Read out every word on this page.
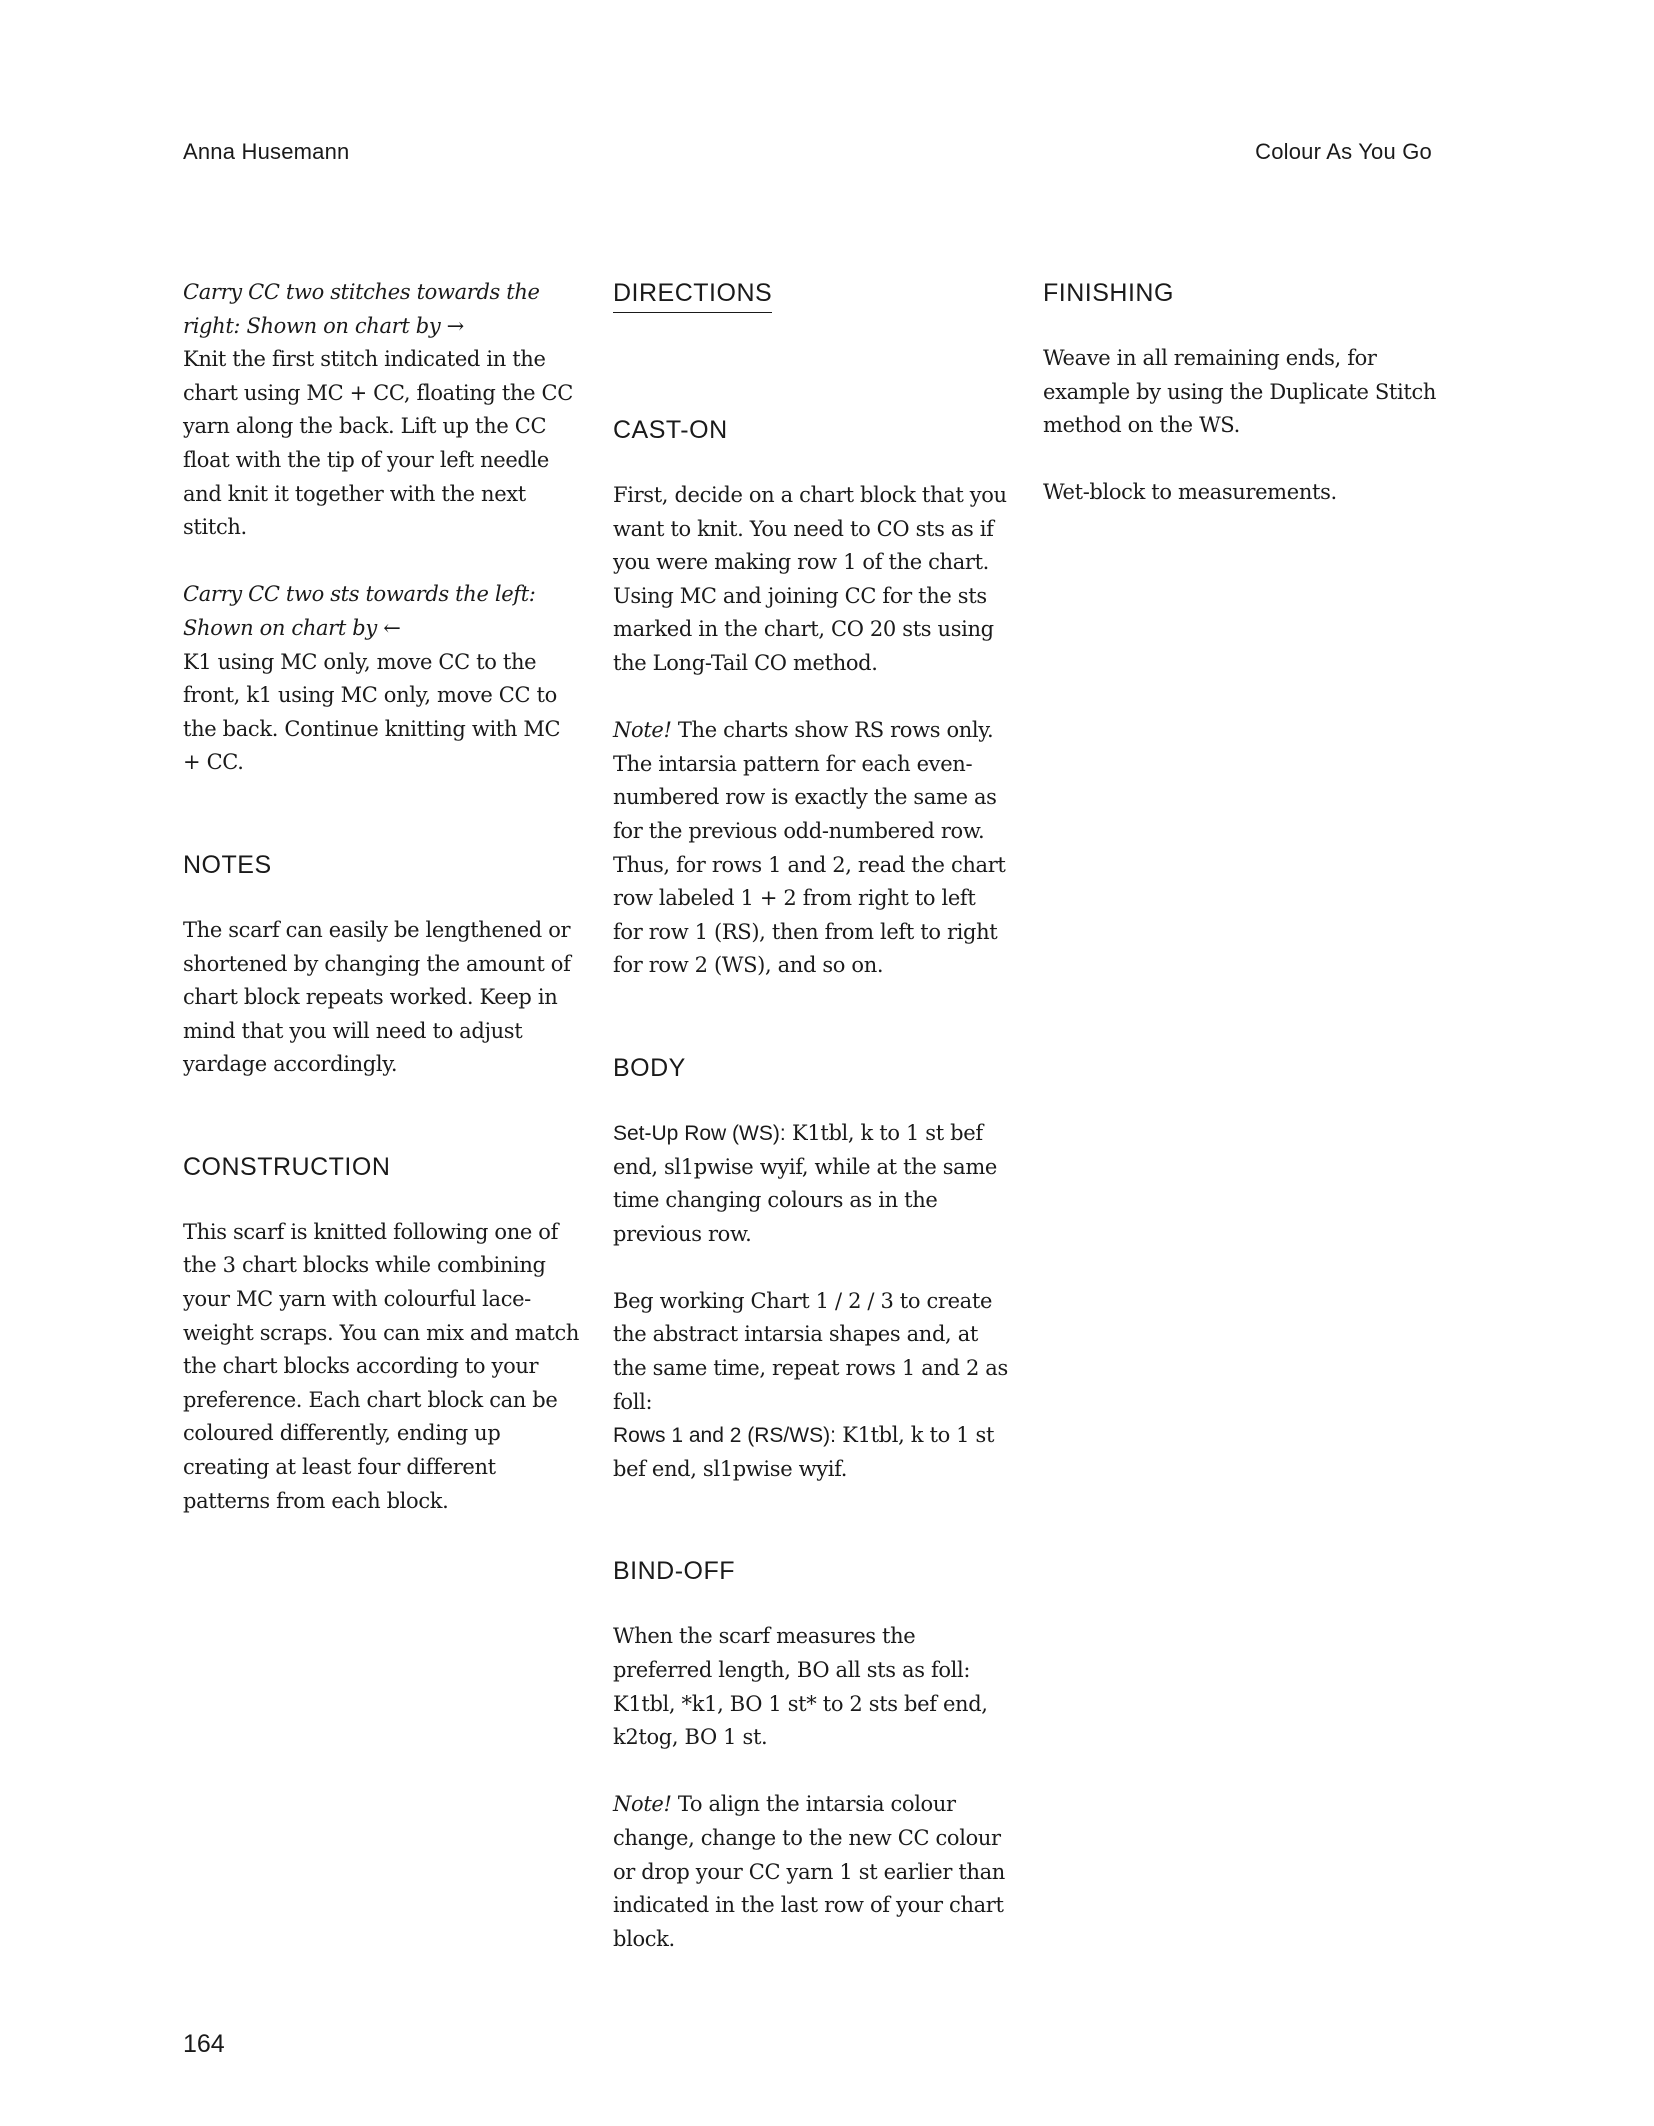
Anna Husemann	Colour As You Go

Carry CC two stitches towards the right: Shown on chart by →
Knit the first stitch indicated in the chart using MC + CC, floating the CC yarn along the back. Lift up the CC float with the tip of your left needle and knit it together with the next stitch.

Carry CC two sts towards the left: Shown on chart by ←
K1 using MC only, move CC to the front, k1 using MC only, move CC to the back. Continue knitting with MC + CC.

NOTES

The scarf can easily be lengthened or shortened by changing the amount of chart block repeats worked. Keep in mind that you will need to adjust yardage accordingly.

CONSTRUCTION

This scarf is knitted following one of the 3 chart blocks while combining your MC yarn with colourful lace-weight scraps. You can mix and match the chart blocks according to your preference. Each chart block can be coloured differently, ending up creating at least four different patterns from each block.

DIRECTIONS
CAST-ON

First, decide on a chart block that you want to knit. You need to CO sts as if you were making row 1 of the chart. Using MC and joining CC for the sts marked in the chart, CO 20 sts using the Long-Tail CO method.

Note! The charts show RS rows only. The intarsia pattern for each even-numbered row is exactly the same as for the previous odd-numbered row. Thus, for rows 1 and 2, read the chart row labeled 1 + 2 from right to left for row 1 (RS), then from left to right for row 2 (WS), and so on.

BODY

Set-Up Row (WS): K1tbl, k to 1 st bef end, sl1pwise wyif, while at the same time changing colours as in the previous row.

Beg working Chart 1 / 2 / 3 to create the abstract intarsia shapes and, at the same time, repeat rows 1 and 2 as foll:
Rows 1 and 2 (RS/WS): K1tbl, k to 1 st bef end, sl1pwise wyif.

BIND-OFF

When the scarf measures the preferred length, BO all sts as foll:
K1tbl, *k1, BO 1 st* to 2 sts bef end, k2tog, BO 1 st.

Note! To align the intarsia colour change, change to the new CC colour or drop your CC yarn 1 st earlier than indicated in the last row of your chart block.

FINISHING

Weave in all remaining ends, for example by using the Duplicate Stitch method on the WS.

Wet-block to measurements.

164
